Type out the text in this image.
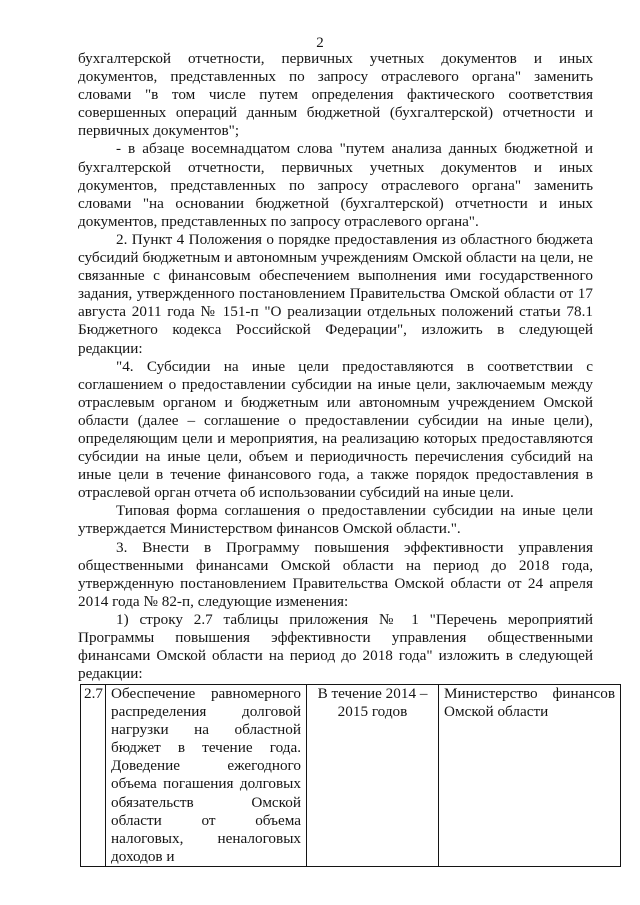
2

бухгалтерской отчетности, первичных учетных документов и иных документов, представленных по запросу отраслевого органа" заменить словами "в том числе путем определения фактического соответствия совершенных операций данным бюджетной (бухгалтерской) отчетности и первичных документов";

- в абзаце восемнадцатом слова "путем анализа данных бюджетной и бухгалтерской отчетности, первичных учетных документов и иных документов, представленных по запросу отраслевого органа" заменить словами "на основании бюджетной (бухгалтерской) отчетности и иных документов, представленных по запросу отраслевого органа".

2. Пункт 4 Положения о порядке предоставления из областного бюджета субсидий бюджетным и автономным учреждениям Омской области на цели, не связанные с финансовым обеспечением выполнения ими государственного задания, утвержденного постановлением Правительства Омской области от 17 августа 2011 года № 151-п "О реализации отдельных положений статьи 78.1 Бюджетного кодекса Российской Федерации", изложить в следующей редакции:

"4. Субсидии на иные цели предоставляются в соответствии с соглашением о предоставлении субсидии на иные цели, заключаемым между отраслевым органом и бюджетным или автономным учреждением Омской области (далее – соглашение о предоставлении субсидии на иные цели), определяющим цели и мероприятия, на реализацию которых предоставляются субсидии на иные цели, объем и периодичность перечисления субсидий на иные цели в течение финансового года, а также порядок предоставления в отраслевой орган отчета об использовании субсидий на иные цели.

Типовая форма соглашения о предоставлении субсидии на иные цели утверждается Министерством финансов Омской области.".

3. Внести в Программу повышения эффективности управления общественными финансами Омской области на период до 2018 года, утвержденную постановлением Правительства Омской области от 24 апреля 2014 года № 82-п, следующие изменения:

1) строку 2.7 таблицы приложения № 1 "Перечень мероприятий Программы повышения эффективности управления общественными финансами Омской области на период до 2018 года" изложить в следующей редакции:

2.7	Обеспечение равномерного распределения долговой нагрузки на областной бюджет в течение года. Доведение ежегодного объема погашения долговых обязательств Омской области от объема налоговых, неналоговых доходов и	В течение 2014 – 2015 годов	Министерство финансов Омской области
